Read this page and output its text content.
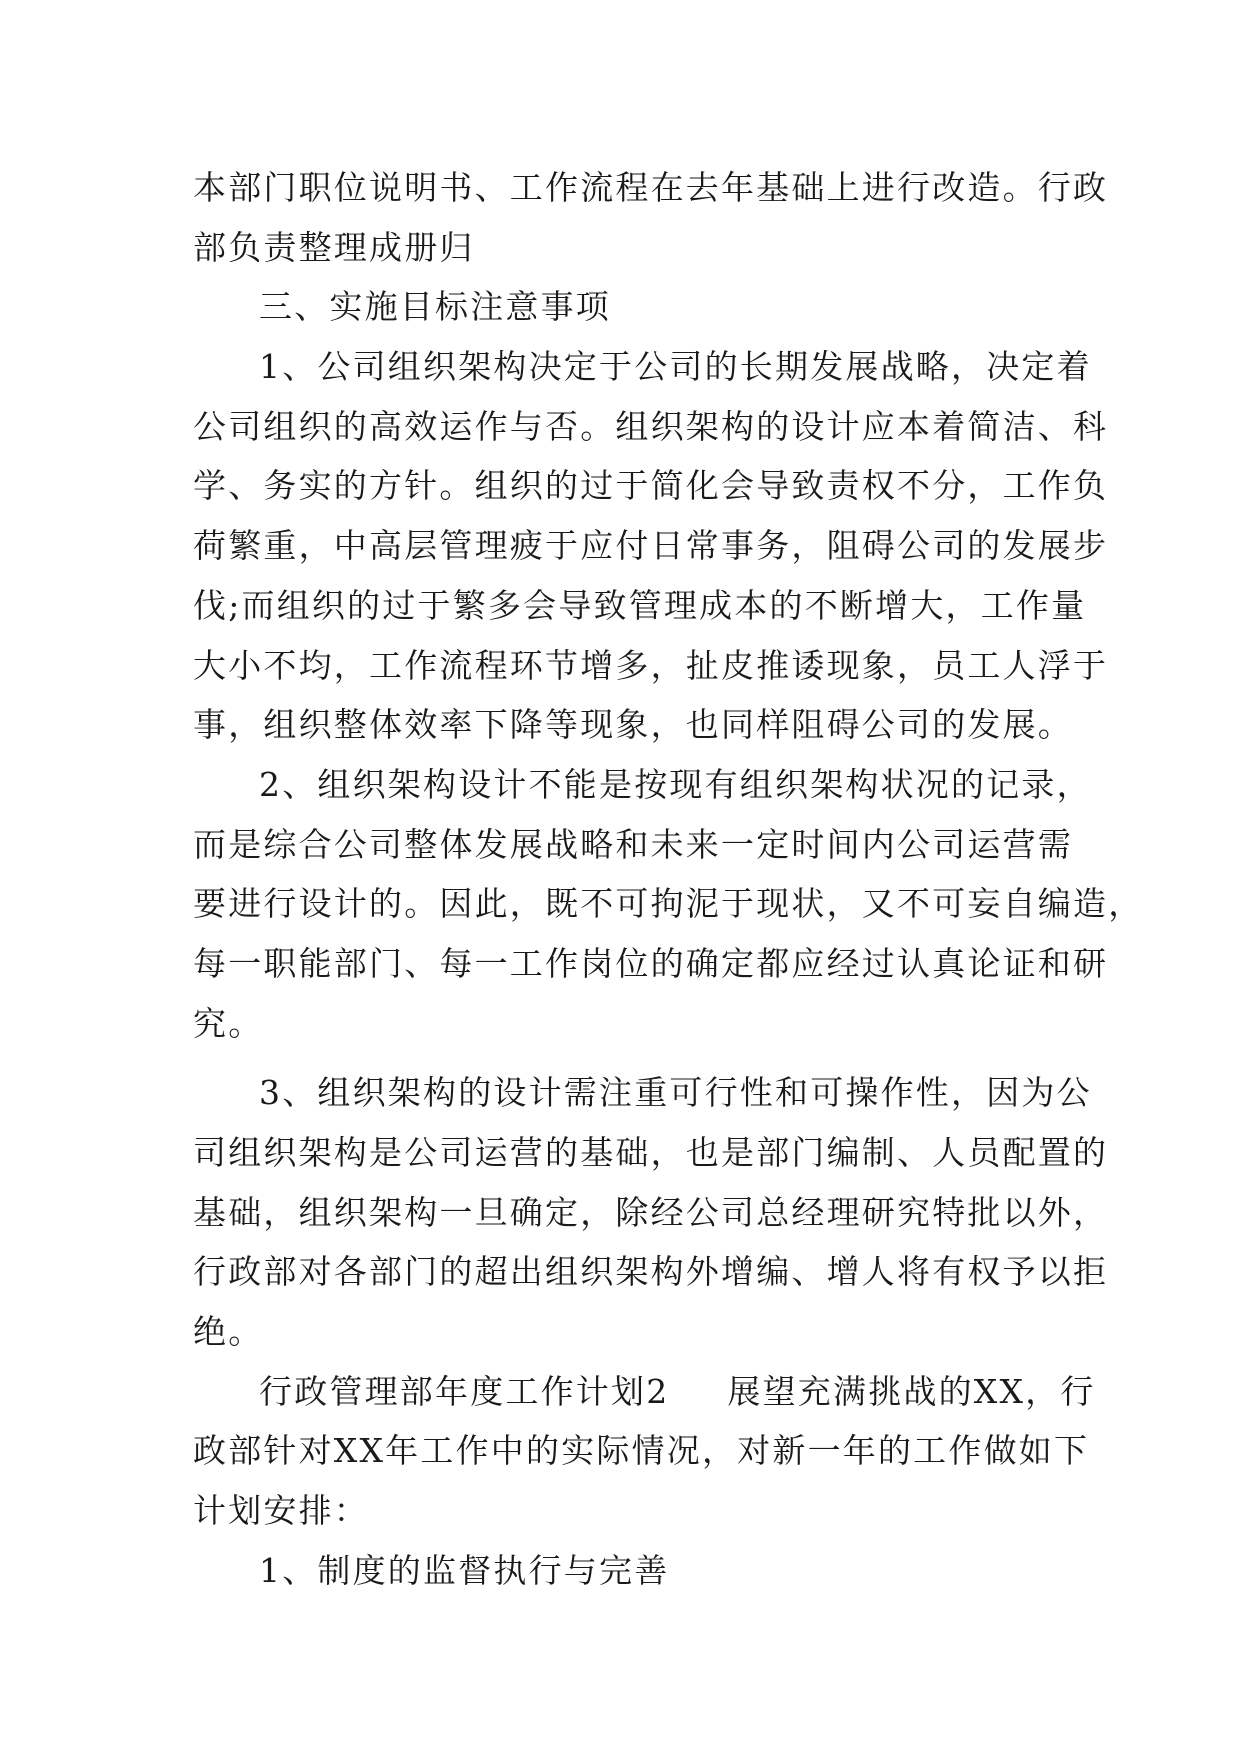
本部门职位说明书、工作流程在去年基础上进行改造。行政
部负责整理成册归
三、实施目标注意事项
1、公司组织架构决定于公司的长期发展战略，决定着
公司组织的高效运作与否。组织架构的设计应本着简洁、科
学、务实的方针。组织的过于简化会导致责权不分，工作负
荷繁重，中高层管理疲于应付日常事务，阻碍公司的发展步
伐;而组织的过于繁多会导致管理成本的不断增大，工作量
大小不均，工作流程环节增多，扯皮推诿现象，员工人浮于
事，组织整体效率下降等现象，也同样阻碍公司的发展。
2、组织架构设计不能是按现有组织架构状况的记录，
而是综合公司整体发展战略和未来一定时间内公司运营需
要进行设计的。因此，既不可拘泥于现状，又不可妄自编造，
每一职能部门、每一工作岗位的确定都应经过认真论证和研
究。
3、组织架构的设计需注重可行性和可操作性，因为公
司组织架构是公司运营的基础，也是部门编制、人员配置的
基础，组织架构一旦确定，除经公司总经理研究特批以外，
行政部对各部门的超出组织架构外增编、增人将有权予以拒
绝。
行政管理部年度工作计划2 展望充满挑战的XX，行
政部针对XX年工作中的实际情况，对新一年的工作做如下
计划安排：
1、制度的监督执行与完善
